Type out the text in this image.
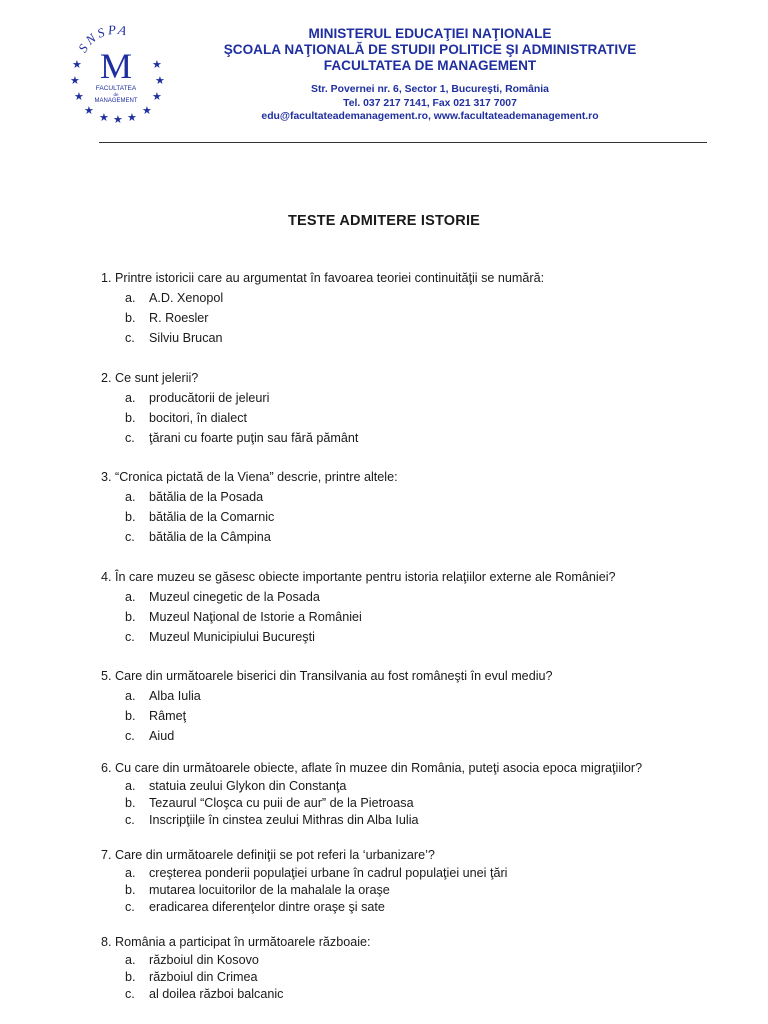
SNSPA
M
FACULTATEA
de
MANAGEMENT
★
★
★
★
★ ★ ★
★
★
★
★

MINISTERUL EDUCAŢIEI NAŢIONALE

ŞCOALA NAŢIONALĂ DE STUDII POLITICE ŞI ADMINISTRATIVE

FACULTATEA DE MANAGEMENT

Str. Povernei nr. 6, Sector 1, Bucureşti, România

Tel. 037 217 7141, Fax 021 317 7007

edu@facultateademanagement.ro, www.facultateademanagement.ro

TESTE ADMITERE ISTORIE

1. Printre istoricii care au argumentat în favoarea teoriei continuităţii se numără:

a.	A.D. Xenopol

b.	R. Roesler

c.	Silviu Brucan

2. Ce sunt jelerii?

a.	producătorii de jeleuri

b.	bocitori, în dialect

c.	ţărani cu foarte puţin sau fără pământ

3. “Cronica pictată de la Viena” descrie, printre altele:

a.	bătălia de la Posada

b.	bătălia de la Comarnic

c.	bătălia de la Câmpina

4. În care muzeu se găsesc obiecte importante pentru istoria relaţiilor externe ale României?

a.	Muzeul cinegetic de la Posada

b.	Muzeul Naţional de Istorie a României

c.	Muzeul Municipiului Bucureşti

5. Care din următoarele biserici din Transilvania au fost româneşti în evul mediu?

a.	Alba Iulia

b.	Râmeţ

c.	Aiud

6. Cu care din următoarele obiecte, aflate în muzee din România, puteţi asocia epoca migraţiilor?

a.	statuia zeului Glykon din Constanţa

b.	Tezaurul “Cloşca cu puii de aur” de la Pietroasa

c.	Inscripţiile în cinstea zeului Mithras din Alba Iulia

7. Care din următoarele definiţii se pot referi la ‘urbanizare’?

a.	creşterea ponderii populaţiei urbane în cadrul populaţiei unei ţări

b.	mutarea locuitorilor de la mahalale la oraşe

c.	eradicarea diferenţelor dintre oraşe şi sate

8. România a participat în următoarele războaie:

a.	războiul din Kosovo

b.	războiul din Crimea

c.	al doilea război balcanic
